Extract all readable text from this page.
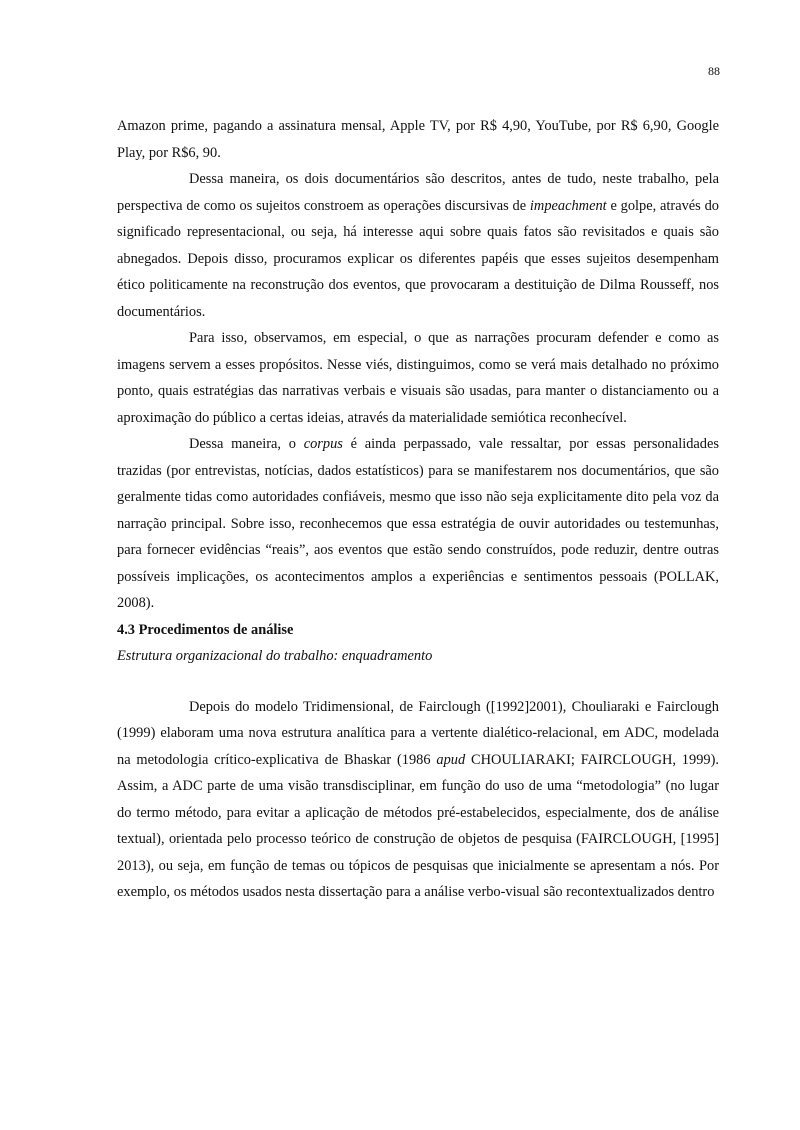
88

Amazon prime, pagando a assinatura mensal, Apple TV, por R$ 4,90, YouTube, por R$ 6,90, Google Play, por R$6, 90.

Dessa maneira, os dois documentários são descritos, antes de tudo, neste trabalho, pela perspectiva de como os sujeitos constroem as operações discursivas de impeachment e golpe, através do significado representacional, ou seja, há interesse aqui sobre quais fatos são revisitados e quais são abnegados. Depois disso, procuramos explicar os diferentes papéis que esses sujeitos desempenham ético politicamente na reconstrução dos eventos, que provocaram a destituição de Dilma Rousseff, nos documentários.

Para isso, observamos, em especial, o que as narrações procuram defender e como as imagens servem a esses propósitos. Nesse viés, distinguimos, como se verá mais detalhado no próximo ponto, quais estratégias das narrativas verbais e visuais são usadas, para manter o distanciamento ou a aproximação do público a certas ideias, através da materialidade semiótica reconhecível.

Dessa maneira, o corpus é ainda perpassado, vale ressaltar, por essas personalidades trazidas (por entrevistas, notícias, dados estatísticos) para se manifestarem nos documentários, que são geralmente tidas como autoridades confiáveis, mesmo que isso não seja explicitamente dito pela voz da narração principal. Sobre isso, reconhecemos que essa estratégia de ouvir autoridades ou testemunhas, para fornecer evidências “reais”, aos eventos que estão sendo construídos, pode reduzir, dentre outras possíveis implicações, os acontecimentos amplos a experiências e sentimentos pessoais (POLLAK, 2008).

4.3 Procedimentos de análise

Estrutura organizacional do trabalho: enquadramento

Depois do modelo Tridimensional, de Fairclough ([1992]2001), Chouliaraki e Fairclough (1999) elaboram uma nova estrutura analítica para a vertente dialético-relacional, em ADC, modelada na metodologia crítico-explicativa de Bhaskar (1986 apud CHOULIARAKI; FAIRCLOUGH, 1999). Assim, a ADC parte de uma visão transdisciplinar, em função do uso de uma “metodologia” (no lugar do termo método, para evitar a aplicação de métodos pré-estabelecidos, especialmente, dos de análise textual), orientada pelo processo teórico de construção de objetos de pesquisa (FAIRCLOUGH, [1995] 2013), ou seja, em função de temas ou tópicos de pesquisas que inicialmente se apresentam a nós. Por exemplo, os métodos usados nesta dissertação para a análise verbo-visual são recontextualizados dentro
